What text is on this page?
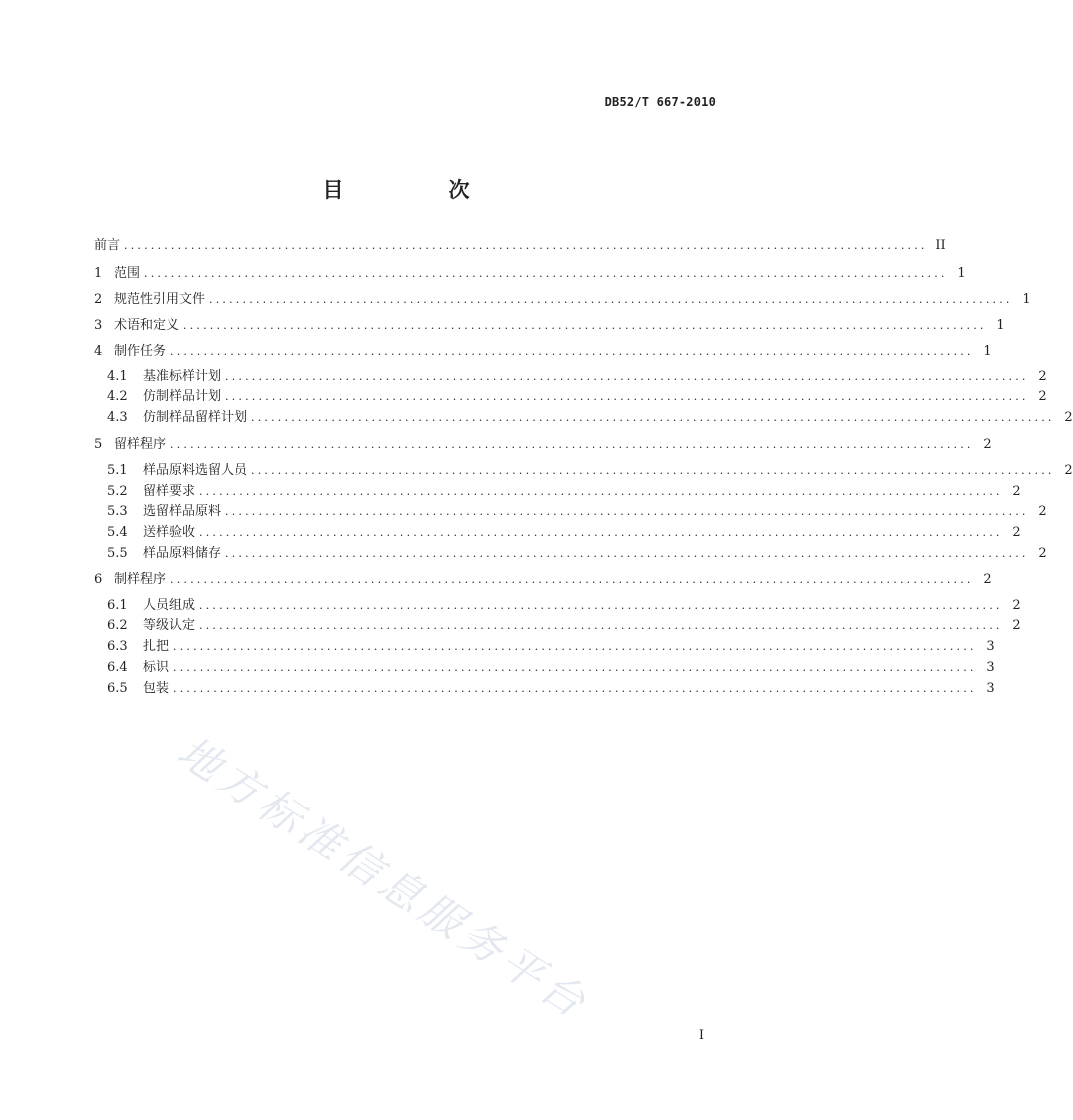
DB52/T 667-2010
目　次
前言 ........................................................................................................................ II
1 范围 ........................................................................................................................ 1
2 规范性引用文件 ........................................................................................................................ 1
3 术语和定义 ........................................................................................................................ 1
4 制作任务 ........................................................................................................................ 1
4.1 基准标样计划 ........................................................................................................................ 2
4.2 仿制样品计划 ........................................................................................................................ 2
4.3 仿制样品留样计划 ........................................................................................................................ 2
5 留样程序 ........................................................................................................................ 2
5.1 样品原料选留人员 ........................................................................................................................ 2
5.2 留样要求 ........................................................................................................................ 2
5.3 选留样品原料 ........................................................................................................................ 2
5.4 送样验收 ........................................................................................................................ 2
5.5 样品原料储存 ........................................................................................................................ 2
6 制样程序 ........................................................................................................................ 2
6.1 人员组成 ........................................................................................................................ 2
6.2 等级认定 ........................................................................................................................ 2
6.3 扎把 ........................................................................................................................ 3
6.4 标识 ........................................................................................................................ 3
6.5 包装 ........................................................................................................................ 3
地方标准信息服务平台
I
